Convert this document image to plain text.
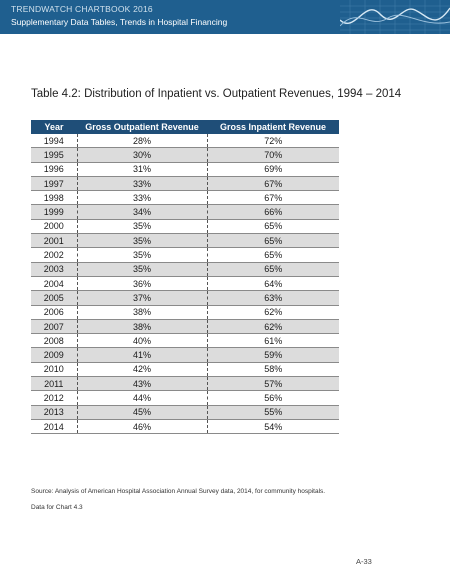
TRENDWATCH CHARTBOOK 2016
Supplementary Data Tables, Trends in Hospital Financing
Table 4.2: Distribution of Inpatient vs. Outpatient Revenues, 1994 – 2014
Year	Gross Outpatient Revenue	Gross Inpatient Revenue
1994	28%	72%
1995	30%	70%
1996	31%	69%
1997	33%	67%
1998	33%	67%
1999	34%	66%
2000	35%	65%
2001	35%	65%
2002	35%	65%
2003	35%	65%
2004	36%	64%
2005	37%	63%
2006	38%	62%
2007	38%	62%
2008	40%	61%
2009	41%	59%
2010	42%	58%
2011	43%	57%
2012	44%	56%
2013	45%	55%
2014	46%	54%
Source: Analysis of American Hospital Association Annual Survey data, 2014, for community hospitals.
Data for Chart 4.3
A-33
